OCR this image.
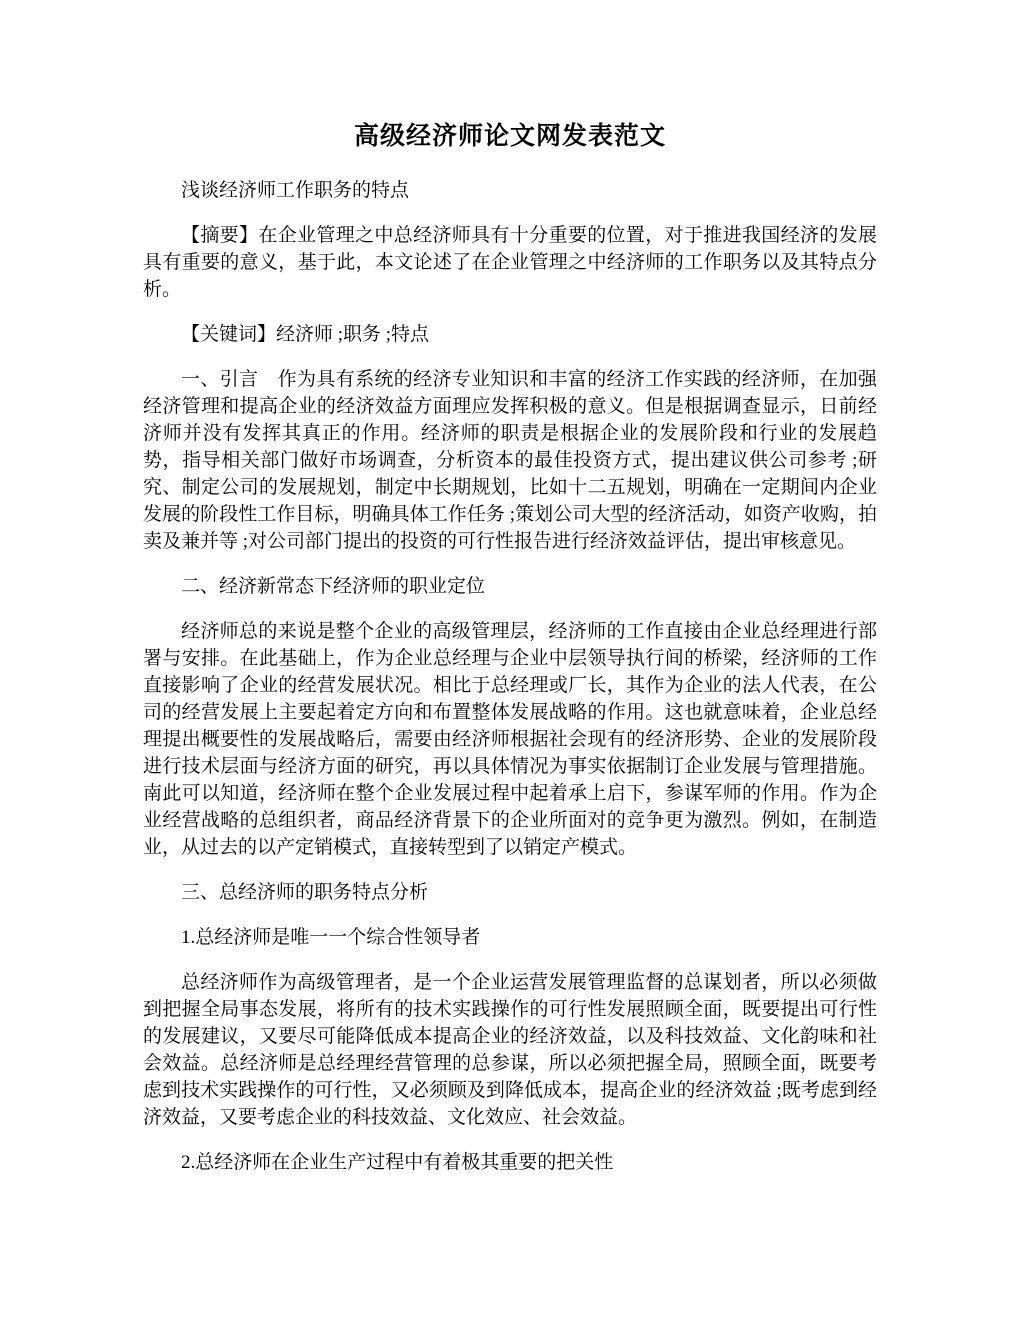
高级经济师论文网发表范文

浅谈经济师工作职务的特点

【摘要】在企业管理之中总经济师具有十分重要的位置，对于推进我国经济的发展具有重要的意义，基于此，本文论述了在企业管理之中经济师的工作职务以及其特点分析。

【关键词】经济师 ;职务 ;特点

一、引言　作为具有系统的经济专业知识和丰富的经济工作实践的经济师，在加强经济管理和提高企业的经济效益方面理应发挥积极的意义。但是根据调查显示，日前经济师并没有发挥其真正的作用。经济师的职责是根据企业的发展阶段和行业的发展趋势，指导相关部门做好市场调查，分析资本的最佳投资方式，提出建议供公司参考 ;研究、制定公司的发展规划，制定中长期规划，比如十二五规划，明确在一定期间内企业发展的阶段性工作目标，明确具体工作任务 ;策划公司大型的经济活动，如资产收购，拍卖及兼并等 ;对公司部门提出的投资的可行性报告进行经济效益评估，提出审核意见。

二、经济新常态下经济师的职业定位

经济师总的来说是整个企业的高级管理层，经济师的工作直接由企业总经理进行部署与安排。在此基础上，作为企业总经理与企业中层领导执行间的桥梁，经济师的工作直接影响了企业的经营发展状况。相比于总经理或厂长，其作为企业的法人代表，在公司的经营发展上主要起着定方向和布置整体发展战略的作用。这也就意味着，企业总经理提出概要性的发展战略后，需要由经济师根据社会现有的经济形势、企业的发展阶段进行技术层面与经济方面的研究，再以具体情况为事实依据制订企业发展与管理措施。南此可以知道，经济师在整个企业发展过程中起着承上启下，参谋军师的作用。作为企业经营战略的总组织者，商品经济背景下的企业所面对的竞争更为激烈。例如，在制造业，从过去的以产定销模式，直接转型到了以销定产模式。

三、总经济师的职务特点分析

1.总经济师是唯一一个综合性领导者

总经济师作为高级管理者，是一个企业运营发展管理监督的总谋划者，所以必须做到把握全局事态发展，将所有的技术实践操作的可行性发展照顾全面，既要提出可行性的发展建议，又要尽可能降低成本提高企业的经济效益，以及科技效益、文化韵味和社会效益。总经济师是总经理经营管理的总参谋，所以必须把握全局，照顾全面，既要考虑到技术实践操作的可行性，又必须顾及到降低成本，提高企业的经济效益 ;既考虑到经济效益，又要考虑企业的科技效益、文化效应、社会效益。

2.总经济师在企业生产过程中有着极其重要的把关性
